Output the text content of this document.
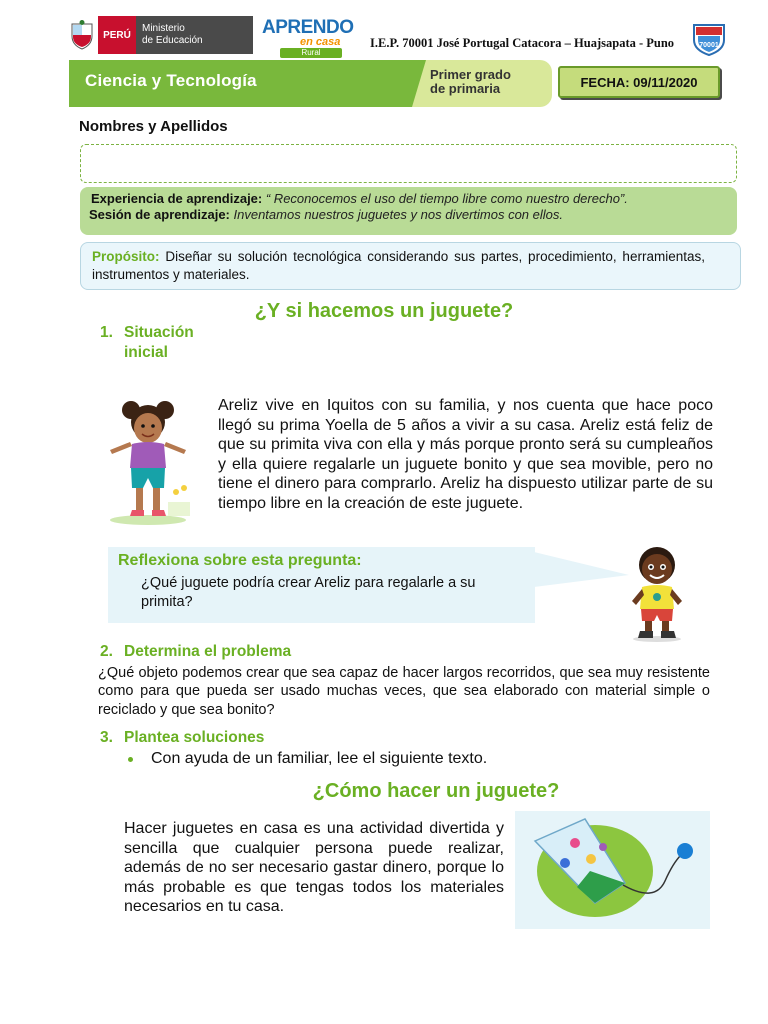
PERÚ
Ministerio
de Educación
APRENDO
en casa
Rural
I.E.P. 70001 José Portugal Catacora – Huajsapata - Puno	70001
Ciencia y Tecnología	Primer grado
de primaria	FECHA: 09/11/2020
Nombres y Apellidos
Experiencia de aprendizaje: “ Reconocemos el uso del tiempo libre como nuestro derecho”.
Sesión de aprendizaje: Inventamos nuestros juguetes y nos divertimos con ellos.
Propósito: Diseñar su solución tecnológica considerando sus partes, procedimiento, herramientas, instrumentos y materiales.
¿Y si hacemos un juguete?
1. Situación
inicial
Areliz vive en Iquitos con su familia, y nos cuenta que hace poco llegó su prima Yoella de 5 años a vivir a su casa. Areliz está feliz de que su primita viva con ella y más porque pronto será su cumpleaños y ella quiere regalarle un juguete bonito y que sea movible, pero no tiene el dinero para comprarlo. Areliz ha dispuesto utilizar parte de su tiempo libre en la creación de este juguete.
Reflexiona sobre esta pregunta:
¿Qué juguete podría crear Areliz para regalarle a su primita?
2. Determina el problema
¿Qué objeto podemos crear que sea capaz de hacer largos recorridos, que sea muy resistente como para que pueda ser usado muchas veces, que sea elaborado con material simple o reciclado y que sea bonito?
3. Plantea soluciones
Con ayuda de un familiar, lee el siguiente texto.
¿Cómo hacer un juguete?
Hacer juguetes en casa es una actividad divertida y sencilla que cualquier persona puede realizar, además de no ser necesario gastar dinero, porque lo más probable es que tengas todos los materiales necesarios en tu casa.
